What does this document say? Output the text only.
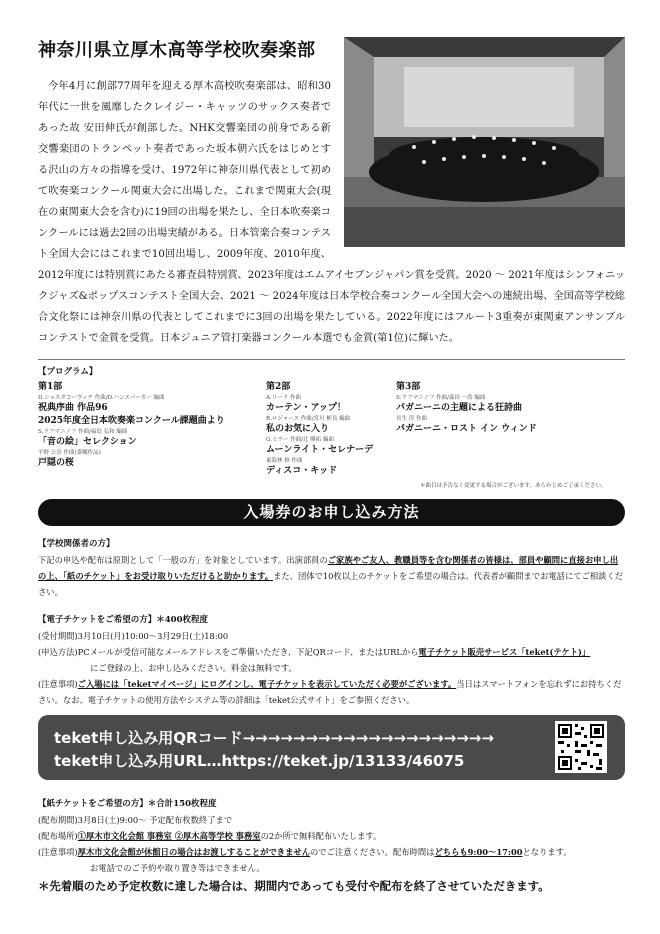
神奈川県立厚木高等学校吹奏楽部
今年4月に創部77周年を迎える厚木高校吹奏楽部は、昭和30年代に一世を風靡したクレイジー・キャッツのサックス奏者であった故 安田伸氏が創部した。NHK交響楽団の前身である新交響楽団のトランペット奏者であった坂本朝六氏をはじめとする沢山の方々の指導を受け、1972年に神奈川県代表として初めて吹奏楽コンクール関東大会に出場した。これまで関東大会(現在の東関東大会を含む)に19回の出場を果たし、全日本吹奏楽コンクールには過去2回の出場実績がある。日本管楽合奏コンテスト全国大会にはこれまで10回出場し、2009年度、2010年度、2012年度には特別賞にあたる審査員特別賞、2023年度はエムアイセブンジャパン賞を受賞。2020 〜 2021年度はシンフォニックジャズ&ポップスコンテスト全国大会、2021 〜 2024年度は日本学校合奏コンクール全国大会への連続出場、全国高等学校総合文化祭には神奈川県の代表としてこれまでに3回の出場を果たしている。2022年度にはフルート3重奏が東関東アンサンブルコンテストで金賞を受賞。日本ジュニア管打楽器コンクール本選でも金賞(第1位)に輝いた。
【プログラム】
第1部
D.ショスタコーヴィチ 作曲/D.ハンスバーガー 編曲
祝典序曲 作品96
2025年度全日本吹奏楽コンクール課題曲より
S.ラフマニノフ 作曲/福島 弘和 編曲
「音の絵」セレクション
平野 公崇 作曲(委嘱作品)
戸隠の桜
第2部
A.リード 作曲
カーテン・アップ！
R.ロジャース 作曲/宮川 彬良 編曲
私のお気に入り
G.ミラー 作曲/辻 峰拓 編曲
ムーンライト・セレナーデ
東海林 修 作曲
ディスコ・キッド
第3部
S.ラフマニノフ 作曲/森田 一浩 編曲
パガニーニの主題による狂詩曲
長生 淳 作曲
パガニーニ・ロスト イン ウィンド
＊曲目は予告なく変更する場合がございます。あらかじめご了承ください。
入場券のお申し込み方法
【学校関係者の方】
下記の申込や配布は原則として「一般の方」を対象としています。出演部員のご家族やご友人、教職員等を含む関係者の皆様は、部員や顧問に直接お申し出の上、「紙のチケット」をお受け取りいただけると助かります。また、団体で10枚以上のチケットをご希望の場合は、代表者が顧問までお電話にてご相談ください。
【電子チケットをご希望の方】＊400枚程度
(受付期間)3月10日(月)10:00〜3月29日(土)18:00
(申込方法)PCメールが受信可能なメールアドレスをご準備いただき、下記QRコード、またはURLから電子チケット販売サービス「teket(テケト)」
にご登録の上、お申し込みください。料金は無料です。
(注意事項)ご入場には「teketマイページ」にログインし、電子チケットを表示していただく必要がございます。当日はスマートフォンを忘れずにお持ちください。なお、電子チケットの使用方法やシステム等の詳細は「teket公式サイト」をご参照ください。
teket申し込み用QRコード→→→→→→→→→→→→→→→→→→→→
teket申し込み用URL…https://teket.jp/13133/46075
【紙チケットをご希望の方】＊合計150枚程度
(配布期間)3月8日(土)9:00〜 予定配布枚数終了まで
(配布場所)①厚木市文化会館 事務室 ②厚木高等学校 事務室の2か所で無料配布いたします。
(注意事項)厚木市文化会館が休館日の場合はお渡しすることができませんのでご注意ください。配布時間はどちらも9:00〜17:00となります。
お電話でのご予約や取り置き等はできません。
＊先着順のため予定枚数に達した場合は、期間内であっても受付や配布を終了させていただきます。
